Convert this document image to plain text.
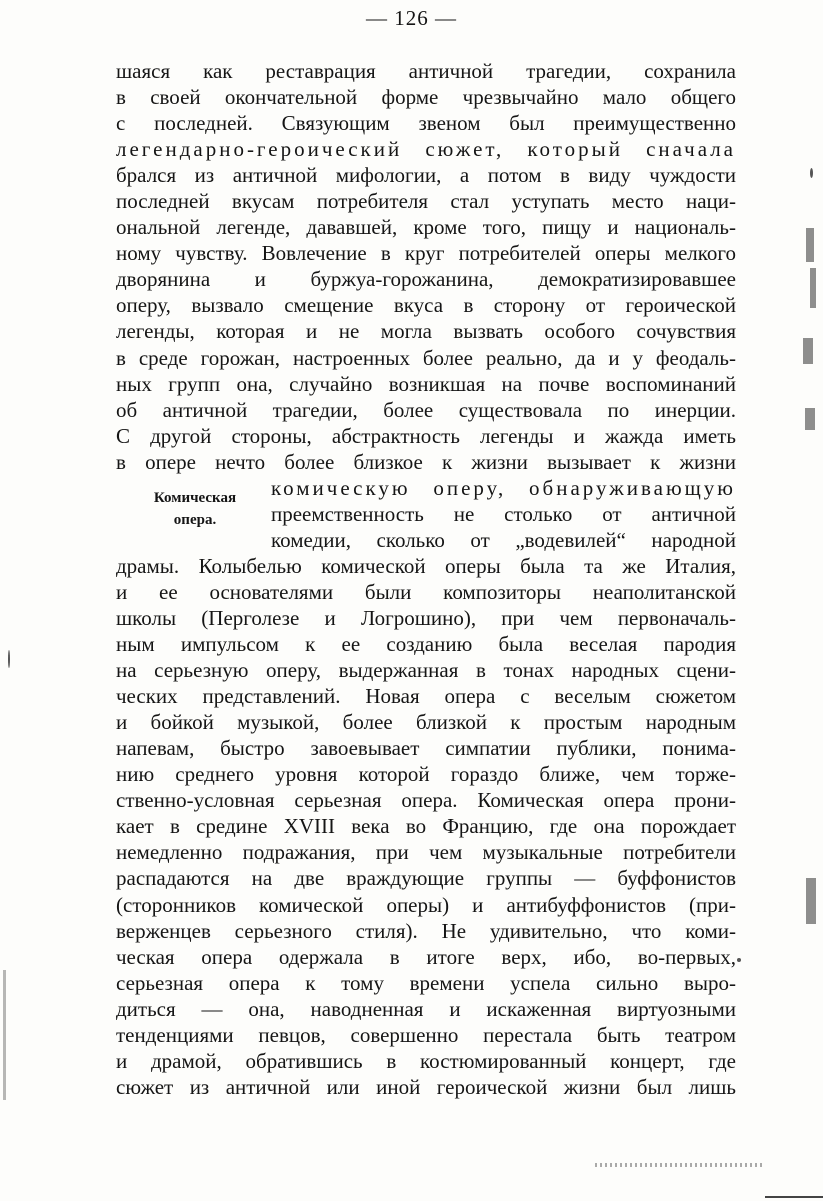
— 126 —
Комическая
опера.
шаяся как реставрация античной трагедии, сохранила
в своей окончательной форме чрезвычайно мало общего
с последней. Связующим звеном был преимущественно
легендарно-героический сюжет, который сначала
брался из античной мифологии, а потом в виду чуждости
последней вкусам потребителя стал уступать место наци-
ональной легенде, дававшей, кроме того, пищу и националь-
ному чувству. Вовлечение в круг потребителей оперы мелкого
дворянина и буржуа-горожанина, демократизировавшее
оперу, вызвало смещение вкуса в сторону от героической
легенды, которая и не могла вызвать особого сочувствия
в среде горожан, настроенных более реально, да и у феодаль-
ных групп она, случайно возникшая на почве воспоминаний
об античной трагедии, более существовала по инерции.
С другой стороны, абстрактность легенды и жажда иметь
в опере нечто более близкое к жизни вызывает к жизни
комическую оперу, обнаруживающую
преемственность не столько от античной
комедии, сколько от „водевилей“ народной
драмы. Колыбелью комической оперы была та же Италия,
и ее основателями были композиторы неаполитанской
школы (Перголезе и Логрошино), при чем первоначаль-
ным импульсом к ее созданию была веселая пародия
на серьезную оперу, выдержанная в тонах народных сцени-
ческих представлений. Новая опера с веселым сюжетом
и бойкой музыкой, более близкой к простым народным
напевам, быстро завоевывает симпатии публики, понима-
нию среднего уровня которой гораздо ближе, чем торже-
ственно-условная серьезная опера. Комическая опера прони-
кает в средине XVIII века во Францию, где она порождает
немедленно подражания, при чем музыкальные потребители
распадаются на две враждующие группы — буффонистов
(сторонников комической оперы) и антибуффонистов (при-
верженцев серьезного стиля). Не удивительно, что коми-
ческая опера одержала в итоге верх, ибо, во-первых,
серьезная опера к тому времени успела сильно выро-
диться — она, наводненная и искаженная виртуозными
тенденциями певцов, совершенно перестала быть театром
и драмой, обратившись в костюмированный концерт, где
сюжет из античной или иной героической жизни был лишь
